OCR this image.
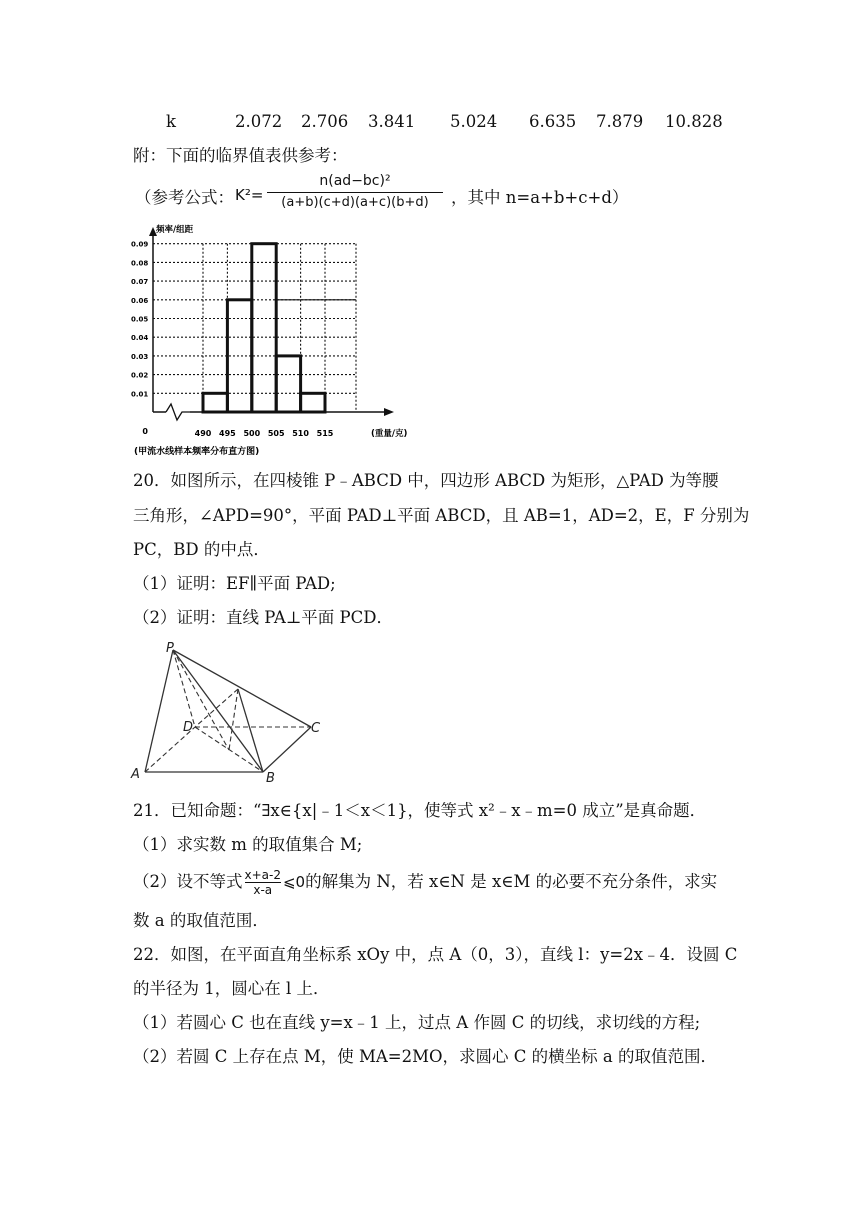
k	2.072 2.706 3.841 5.024 6.635 7.879 10.828
附：下面的临界值表供参考：
（参考公式： K²=
n(ad−bc)²
(a+b)(c+d)(a+c)(b+d)	，其中 n=a+b+c+d）
0.01
0.02
0.03
0.04
0.05
0.06
0.07
0.08
0.09
490 495 500 505 510 515
频率/组距
0	(重量/克)
(甲流水线样本频率分布直方图)
20．如图所示，在四棱锥 P﹣ABCD 中，四边形 ABCD 为矩形，△PAD 为等腰
三角形，∠APD=90°，平面 PAD⊥平面 ABCD，且 AB=1，AD=2，E，F 分别为
PC，BD 的中点．
（1）证明：EF∥平面 PAD;
（2）证明：直线 PA⊥平面 PCD．
P
A	B
C
D
21．已知命题：“∃x∈{x|﹣1＜x＜1}，使等式 x²﹣x﹣m=0 成立”是真命题．
（1）求实数 m 的取值集合 M;
（2）设不等式 $\frac{x+a-2}{x-a}$ ⩽0的解集为 N，若 x∈N 是 x∈M 的必要不充分条件，求实
数 a 的取值范围．
22．如图，在平面直角坐标系 xOy 中，点 A（0，3），直线 l：y=2x﹣4．设圆 C
的半径为 1，圆心在 l 上．
（1）若圆心 C 也在直线 y=x﹣1 上，过点 A 作圆 C 的切线，求切线的方程;
（2）若圆 C 上存在点 M，使 MA=2MO，求圆心 C 的横坐标 a 的取值范围．
